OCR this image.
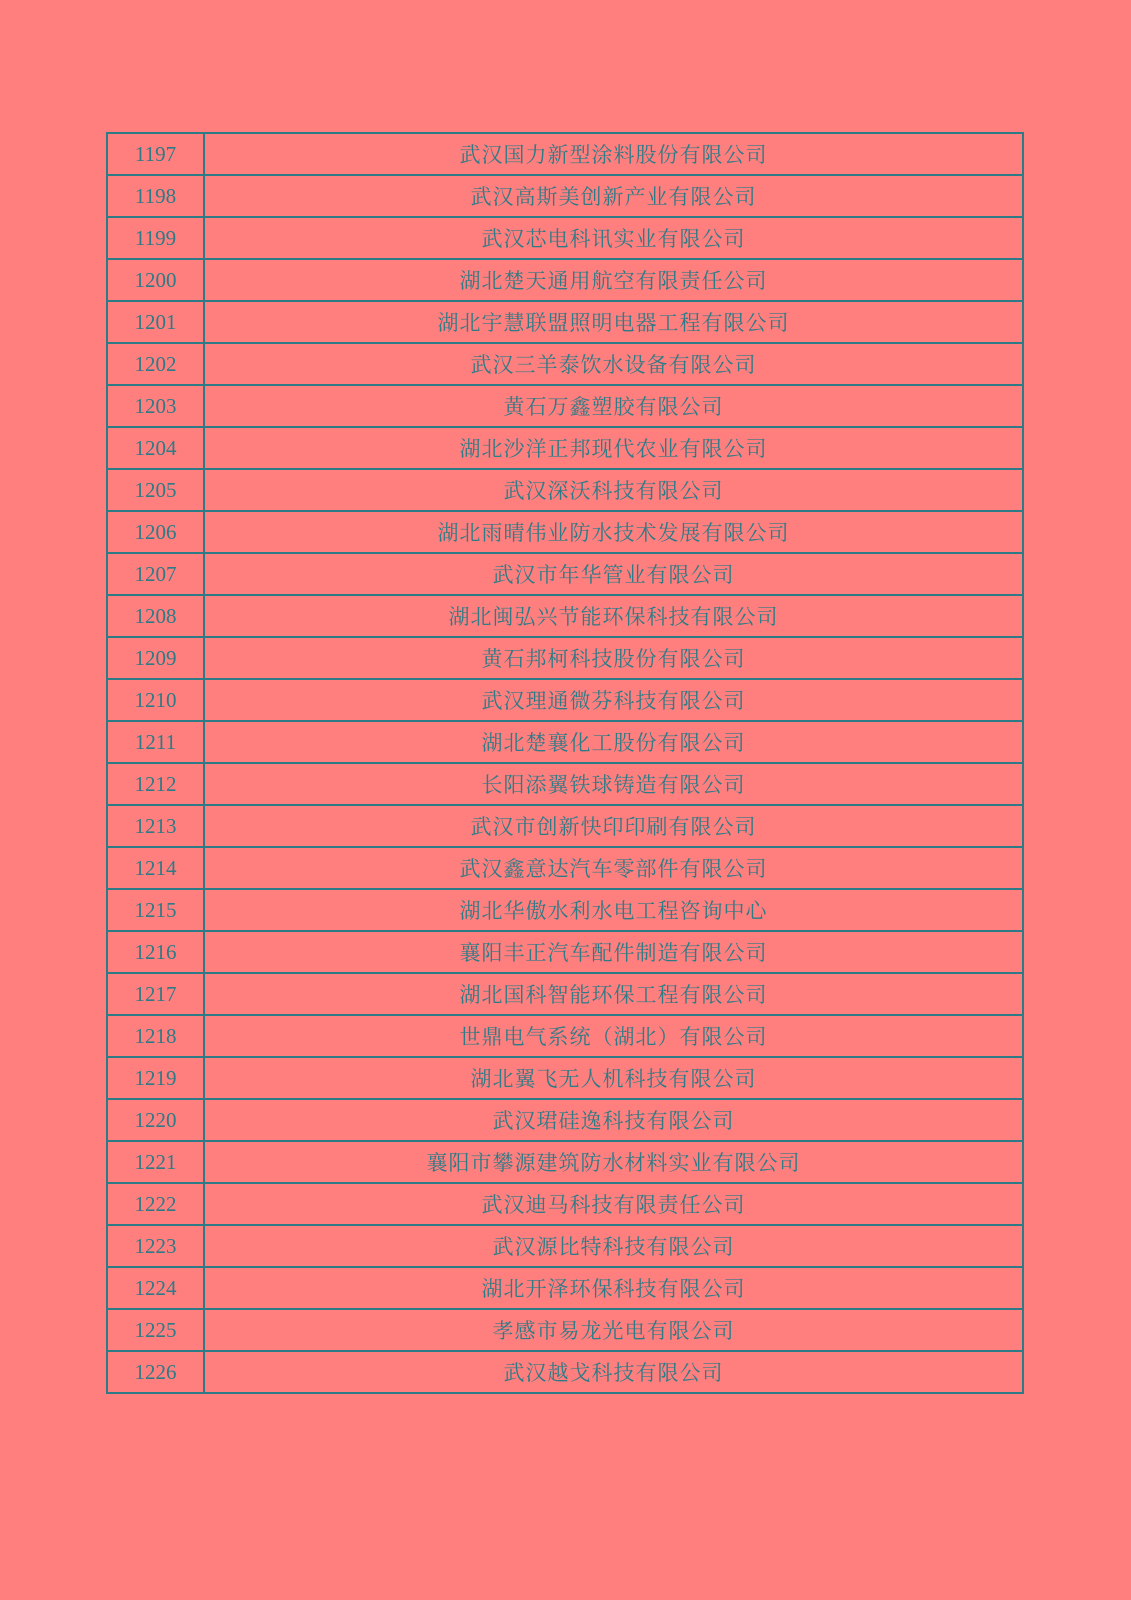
1197	武汉国力新型涂料股份有限公司
1198	武汉高斯美创新产业有限公司
1199	武汉芯电科讯实业有限公司
1200	湖北楚天通用航空有限责任公司
1201	湖北宇慧联盟照明电器工程有限公司
1202	武汉三羊泰饮水设备有限公司
1203	黄石万鑫塑胶有限公司
1204	湖北沙洋正邦现代农业有限公司
1205	武汉深沃科技有限公司
1206	湖北雨晴伟业防水技术发展有限公司
1207	武汉市年华管业有限公司
1208	湖北闽弘兴节能环保科技有限公司
1209	黄石邦柯科技股份有限公司
1210	武汉理通微芬科技有限公司
1211	湖北楚襄化工股份有限公司
1212	长阳添翼铁球铸造有限公司
1213	武汉市创新快印印刷有限公司
1214	武汉鑫意达汽车零部件有限公司
1215	湖北华傲水利水电工程咨询中心
1216	襄阳丰正汽车配件制造有限公司
1217	湖北国科智能环保工程有限公司
1218	世鼎电气系统（湖北）有限公司
1219	湖北翼飞无人机科技有限公司
1220	武汉珺硅逸科技有限公司
1221	襄阳市攀源建筑防水材料实业有限公司
1222	武汉迪马科技有限责任公司
1223	武汉源比特科技有限公司
1224	湖北开泽环保科技有限公司
1225	孝感市易龙光电有限公司
1226	武汉越戈科技有限公司
